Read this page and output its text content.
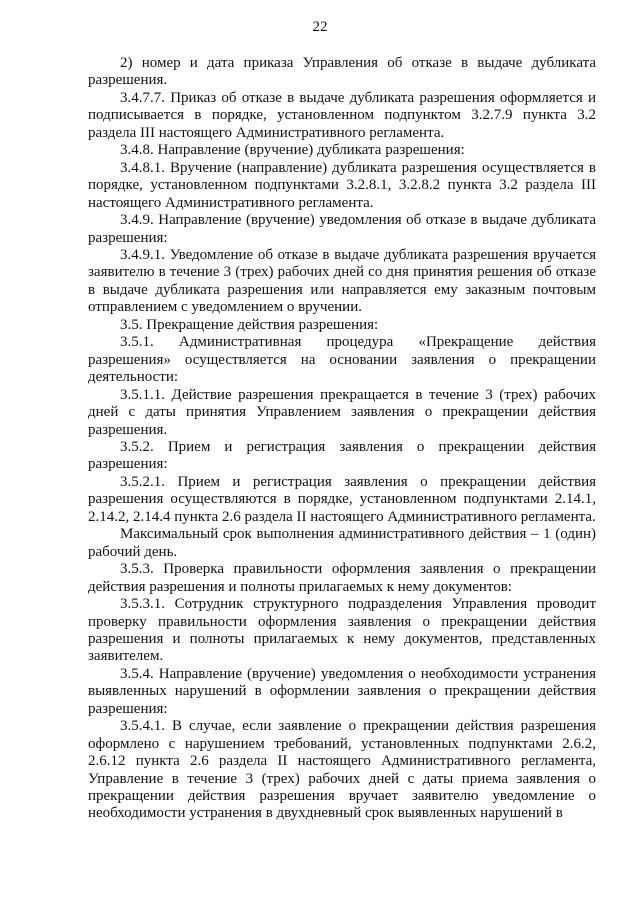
22

2) номер и дата приказа Управления об отказе в выдаче дубликата разрешения.

3.4.7.7. Приказ об отказе в выдаче дубликата разрешения оформляется и подписывается в порядке, установленном подпунктом 3.2.7.9 пункта 3.2 раздела III настоящего Административного регламента.

3.4.8. Направление (вручение) дубликата разрешения:

3.4.8.1. Вручение (направление) дубликата разрешения осуществляется в порядке, установленном подпунктами 3.2.8.1, 3.2.8.2 пункта 3.2 раздела III настоящего Административного регламента.

3.4.9. Направление (вручение) уведомления об отказе в выдаче дубликата разрешения:

3.4.9.1. Уведомление об отказе в выдаче дубликата разрешения вручается заявителю в течение 3 (трех) рабочих дней со дня принятия решения об отказе в выдаче дубликата разрешения или направляется ему заказным почтовым отправлением с уведомлением о вручении.

3.5. Прекращение действия разрешения:

3.5.1. Административная процедура «Прекращение действия разрешения» осуществляется на основании заявления о прекращении деятельности:

3.5.1.1. Действие разрешения прекращается в течение 3 (трех) рабочих дней с даты принятия Управлением заявления о прекращении действия разрешения.

3.5.2. Прием и регистрация заявления о прекращении действия разрешения:

3.5.2.1. Прием и регистрация заявления о прекращении действия разрешения осуществляются в порядке, установленном подпунктами 2.14.1, 2.14.2, 2.14.4 пункта 2.6 раздела II настоящего Административного регламента.

Максимальный срок выполнения административного действия – 1 (один) рабочий день.

3.5.3. Проверка правильности оформления заявления о прекращении действия разрешения и полноты прилагаемых к нему документов:

3.5.3.1. Сотрудник структурного подразделения Управления проводит проверку правильности оформления заявления о прекращении действия разрешения и полноты прилагаемых к нему документов, представленных заявителем.

3.5.4. Направление (вручение) уведомления о необходимости устранения выявленных нарушений в оформлении заявления о прекращении действия разрешения:

3.5.4.1. В случае, если заявление о прекращении действия разрешения оформлено с нарушением требований, установленных подпунктами 2.6.2, 2.6.12 пункта 2.6 раздела II настоящего Административного регламента, Управление в течение 3 (трех) рабочих дней с даты приема заявления о прекращении действия разрешения вручает заявителю уведомление о необходимости устранения в двухдневный срок выявленных нарушений в
